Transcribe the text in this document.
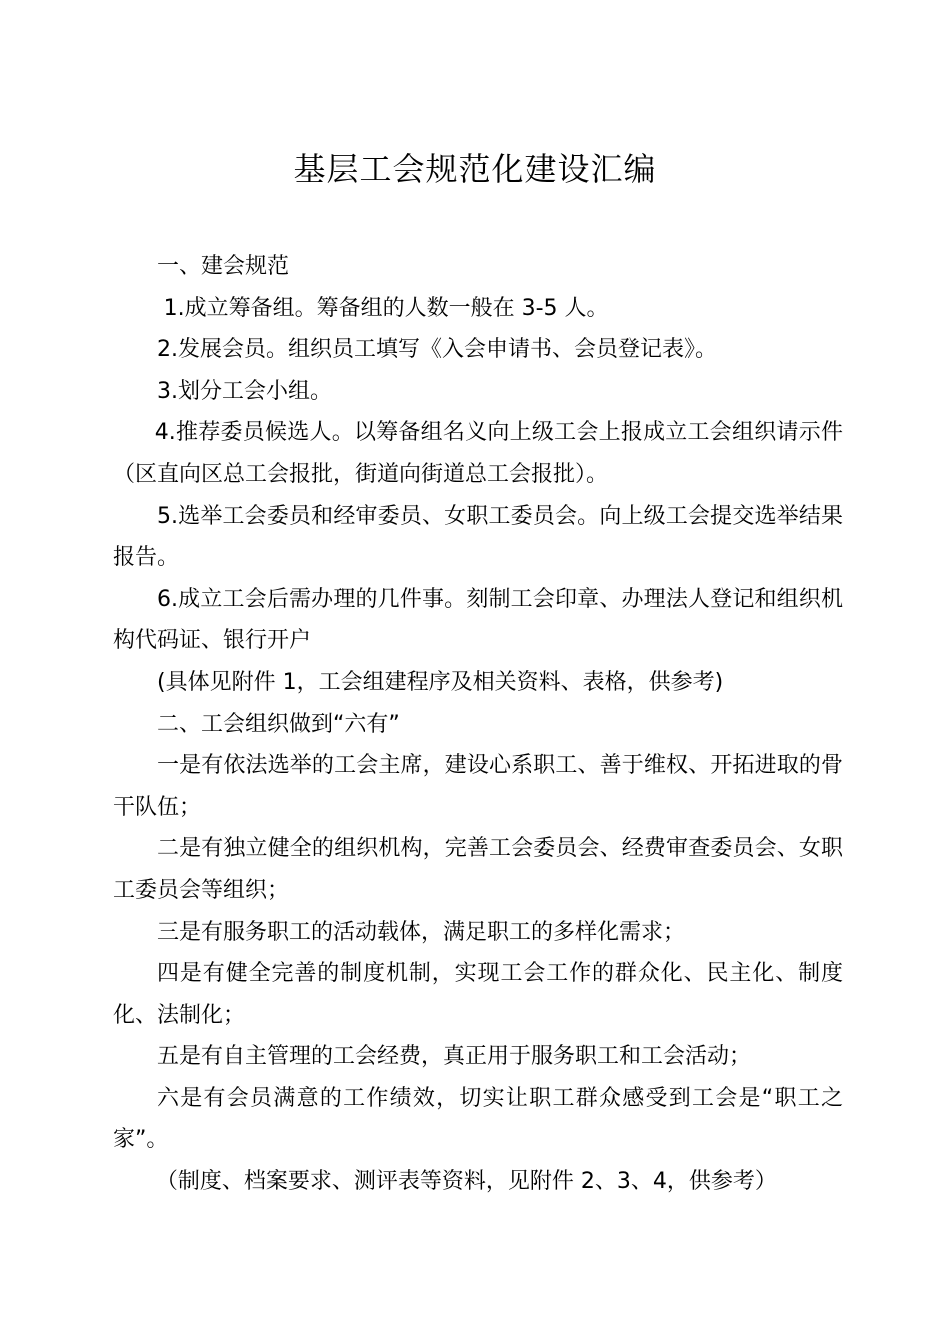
基层工会规范化建设汇编

一、建会规范

1.成立筹备组。筹备组的人数一般在 3-5 人。

2.发展会员。组织员工填写《入会申请书、会员登记表》。

3.划分工会小组。

4.推荐委员候选人。以筹备组名义向上级工会上报成立工会组织请示件（区直向区总工会报批，街道向街道总工会报批）。

5.选举工会委员和经审委员、女职工委员会。向上级工会提交选举结果报告。

6.成立工会后需办理的几件事。刻制工会印章、办理法人登记和组织机构代码证、银行开户

(具体见附件 1，工会组建程序及相关资料、表格，供参考)

二、工会组织做到“六有”

一是有依法选举的工会主席，建设心系职工、善于维权、开拓进取的骨干队伍；

二是有独立健全的组织机构，完善工会委员会、经费审查委员会、女职工委员会等组织；

三是有服务职工的活动载体，满足职工的多样化需求；

四是有健全完善的制度机制，实现工会工作的群众化、民主化、制度化、法制化；

五是有自主管理的工会经费，真正用于服务职工和工会活动；

六是有会员满意的工作绩效，切实让职工群众感受到工会是“职工之家”。

（制度、档案要求、测评表等资料，见附件 2、3、4，供参考）
